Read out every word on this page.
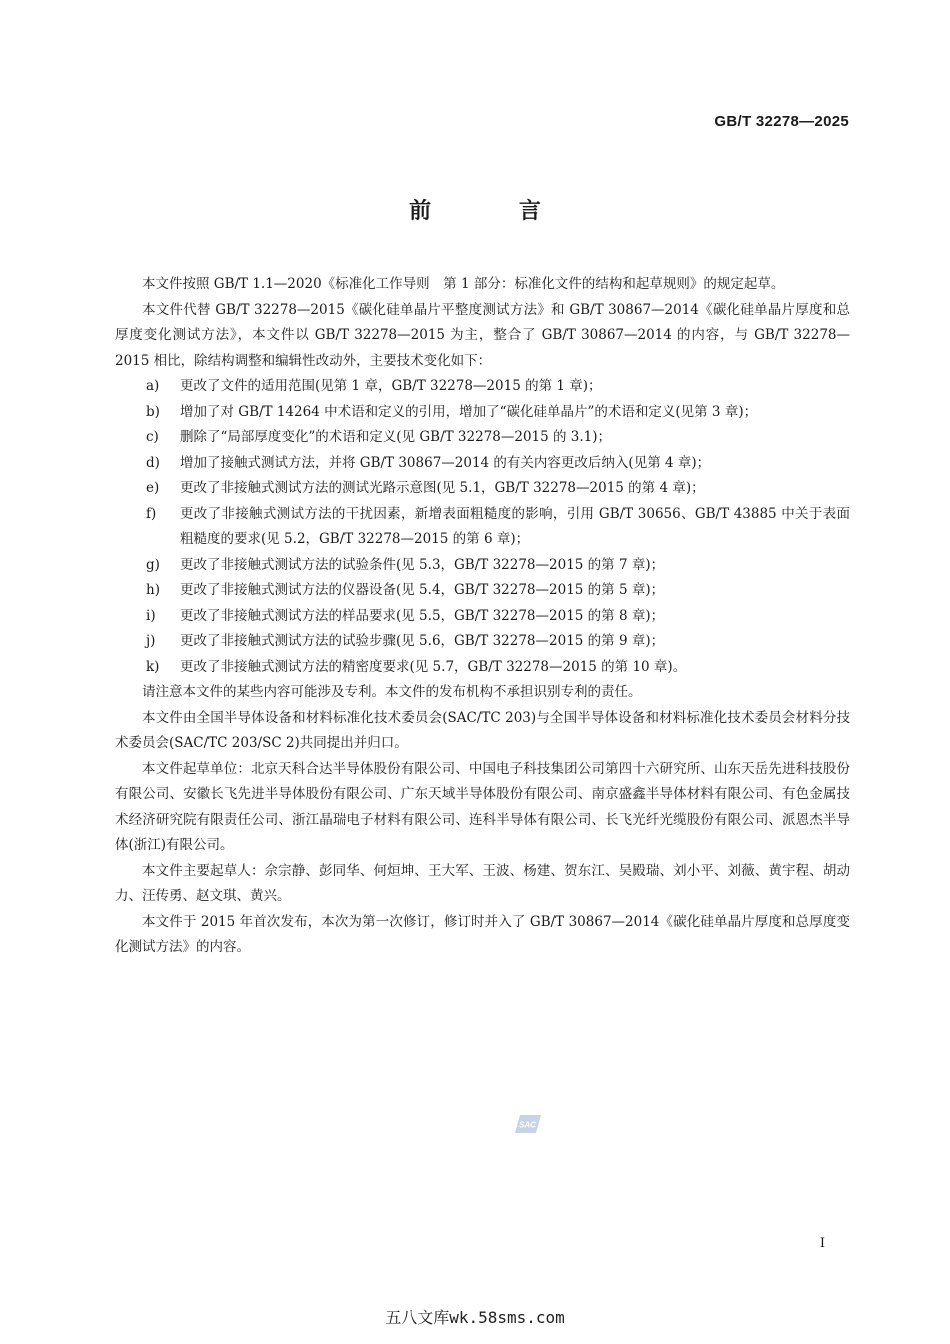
GB/T 32278—2025
前 言

本文件按照 GB/T 1.1—2020《标准化工作导则　第 1 部分：标准化文件的结构和起草规则》的规定起草。

本文件代替 GB/T 32278—2015《碳化硅单晶片平整度测试方法》和 GB/T 30867—2014《碳化硅单晶片厚度和总厚度变化测试方法》，本文件以 GB/T 32278—2015 为主，整合了 GB/T 30867—2014 的内容，与 GB/T 32278—2015 相比，除结构调整和编辑性改动外，主要技术变化如下：

a)	更改了文件的适用范围(见第 1 章，GB/T 32278—2015 的第 1 章)；
b)	增加了对 GB/T 14264 中术语和定义的引用，增加了“碳化硅单晶片”的术语和定义(见第 3 章)；
c)	删除了“局部厚度变化”的术语和定义(见 GB/T 32278—2015 的 3.1)；
d)	增加了接触式测试方法，并将 GB/T 30867—2014 的有关内容更改后纳入(见第 4 章)；
e)	更改了非接触式测试方法的测试光路示意图(见 5.1，GB/T 32278—2015 的第 4 章)；
f)	更改了非接触式测试方法的干扰因素，新增表面粗糙度的影响，引用 GB/T 30656、GB/T 43885 中关于表面粗糙度的要求(见 5.2，GB/T 32278—2015 的第 6 章)；
g)	更改了非接触式测试方法的试验条件(见 5.3，GB/T 32278—2015 的第 7 章)；
h)	更改了非接触式测试方法的仪器设备(见 5.4，GB/T 32278—2015 的第 5 章)；
i)	更改了非接触式测试方法的样品要求(见 5.5，GB/T 32278—2015 的第 8 章)；
j)	更改了非接触式测试方法的试验步骤(见 5.6，GB/T 32278—2015 的第 9 章)；
k)	更改了非接触式测试方法的精密度要求(见 5.7，GB/T 32278—2015 的第 10 章)。

请注意本文件的某些内容可能涉及专利。本文件的发布机构不承担识别专利的责任。

本文件由全国半导体设备和材料标准化技术委员会(SAC/TC 203)与全国半导体设备和材料标准化技术委员会材料分技术委员会(SAC/TC 203/SC 2)共同提出并归口。

本文件起草单位：北京天科合达半导体股份有限公司、中国电子科技集团公司第四十六研究所、山东天岳先进科技股份有限公司、安徽长飞先进半导体股份有限公司、广东天域半导体股份有限公司、南京盛鑫半导体材料有限公司、有色金属技术经济研究院有限责任公司、浙江晶瑞电子材料有限公司、连科半导体有限公司、长飞光纤光缆股份有限公司、派恩杰半导体(浙江)有限公司。

本文件主要起草人：佘宗静、彭同华、何烜坤、王大军、王波、杨建、贺东江、吴殿瑞、刘小平、刘薇、黄宇程、胡动力、汪传勇、赵文琪、黄兴。

本文件于 2015 年首次发布，本次为第一次修订，修订时并入了 GB/T 30867—2014《碳化硅单晶片厚度和总厚度变化测试方法》的内容。

SAC
I
五八文库wk.58sms.com
